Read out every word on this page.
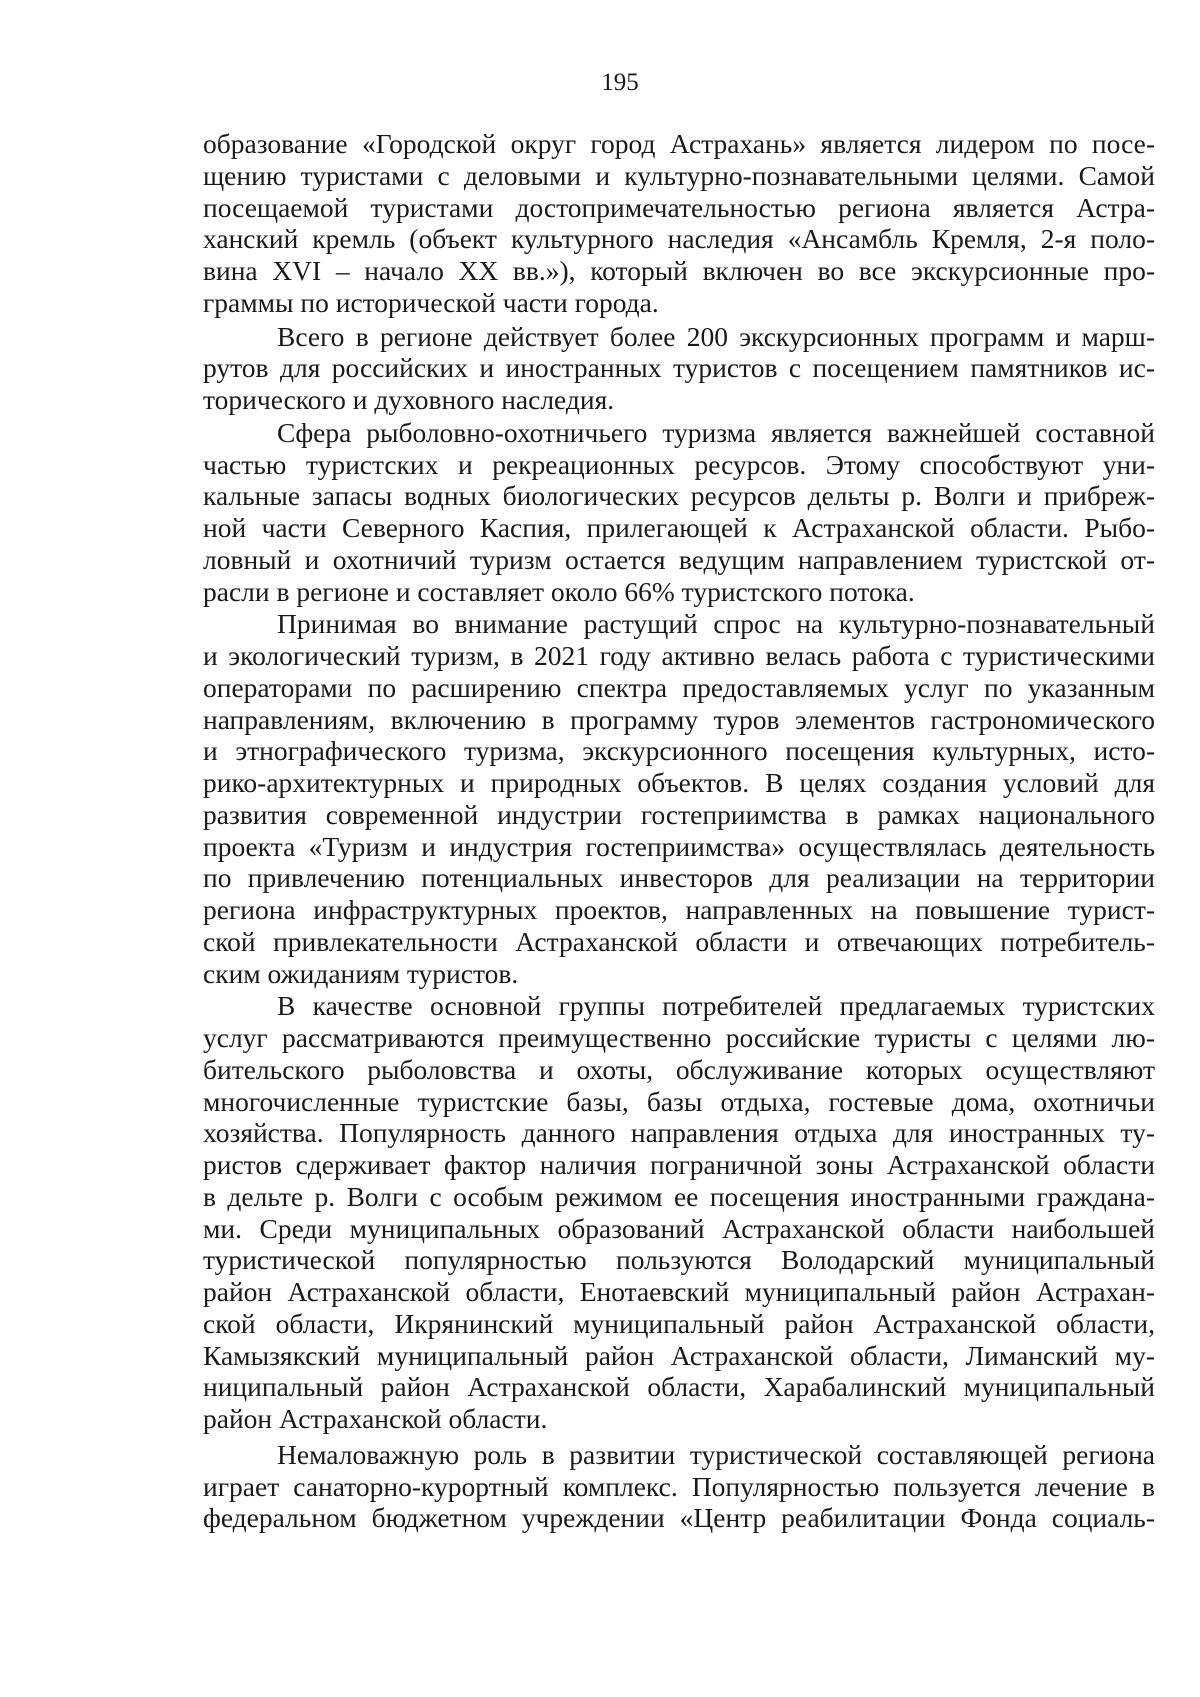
195
образование «Городской округ город Астрахань» является лидером по посе-
щению туристами с деловыми и культурно-познавательными целями. Самой
посещаемой туристами достопримечательностью региона является Астра-
ханский кремль (объект культурного наследия «Ансамбль Кремля, 2-я поло-
вина XVI – начало XX вв.»), который включен во все экскурсионные про-
граммы по исторической части города.
Всего в регионе действует более 200 экскурсионных программ и марш-
рутов для российских и иностранных туристов с посещением памятников ис-
торического и духовного наследия.
Сфера рыболовно-охотничьего туризма является важнейшей составной
частью туристских и рекреационных ресурсов. Этому способствуют уни-
кальные запасы водных биологических ресурсов дельты р. Волги и прибреж-
ной части Северного Каспия, прилегающей к Астраханской области. Рыбо-
ловный и охотничий туризм остается ведущим направлением туристской от-
расли в регионе и составляет около 66% туристского потока.
Принимая во внимание растущий спрос на культурно-познавательный
и экологический туризм, в 2021 году активно велась работа с туристическими
операторами по расширению спектра предоставляемых услуг по указанным
направлениям, включению в программу туров элементов гастрономического
и этнографического туризма, экскурсионного посещения культурных, исто-
рико-архитектурных и природных объектов. В целях создания условий для
развития современной индустрии гостеприимства в рамках национального
проекта «Туризм и индустрия гостеприимства» осуществлялась деятельность
по привлечению потенциальных инвесторов для реализации на территории
региона инфраструктурных проектов, направленных на повышение турист-
ской привлекательности Астраханской области и отвечающих потребитель-
ским ожиданиям туристов.
В качестве основной группы потребителей предлагаемых туристских
услуг рассматриваются преимущественно российские туристы с целями лю-
бительского рыболовства и охоты, обслуживание которых осуществляют
многочисленные туристские базы, базы отдыха, гостевые дома, охотничьи
хозяйства. Популярность данного направления отдыха для иностранных ту-
ристов сдерживает фактор наличия пограничной зоны Астраханской области
в дельте р. Волги с особым режимом ее посещения иностранными граждана-
ми. Среди муниципальных образований Астраханской области наибольшей
туристической популярностью пользуются Володарский муниципальный
район Астраханской области, Енотаевский муниципальный район Астрахан-
ской области, Икрянинский муниципальный район Астраханской области,
Камызякский муниципальный район Астраханской области, Лиманский му-
ниципальный район Астраханской области, Харабалинский муниципальный
район Астраханской области.
Немаловажную роль в развитии туристической составляющей региона
играет санаторно-курортный комплекс. Популярностью пользуется лечение в
федеральном бюджетном учреждении «Центр реабилитации Фонда социаль-
